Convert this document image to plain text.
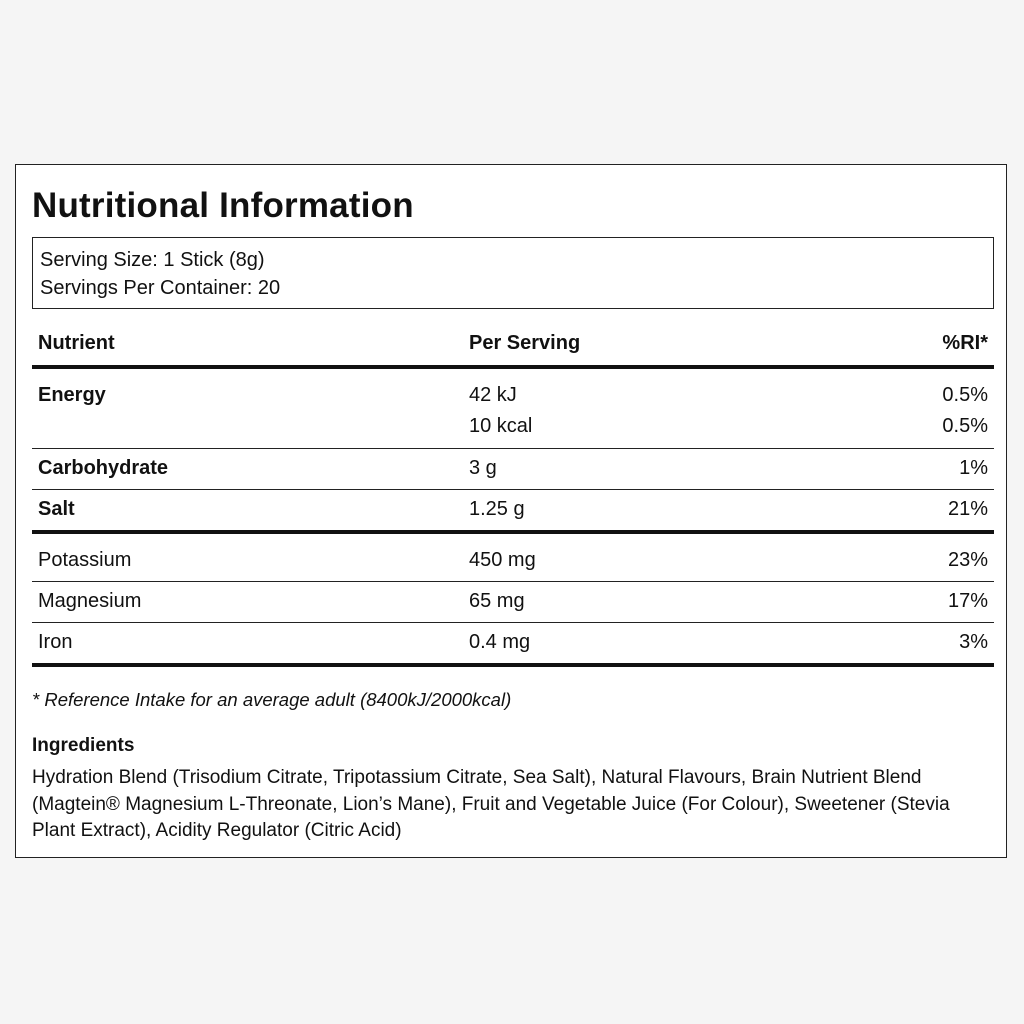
Nutritional Information
Serving Size: 1 Stick (8g)
Servings Per Container: 20
Nutrient	Per Serving	%RI*
Energy	42 kJ	0.5%
10 kcal	0.5%
Carbohydrate	3 g	1%
Salt	1.25 g	21%
Potassium	450 mg	23%
Magnesium	65 mg	17%
Iron	0.4 mg	3%
* Reference Intake for an average adult (8400kJ/2000kcal)
Ingredients
Hydration Blend (Trisodium Citrate, Tripotassium Citrate, Sea Salt), Natural Flavours, Brain Nutrient Blend (Magtein® Magnesium L-Threonate, Lion’s Mane), Fruit and Vegetable Juice (For Colour), Sweetener (Stevia Plant Extract), Acidity Regulator (Citric Acid)
